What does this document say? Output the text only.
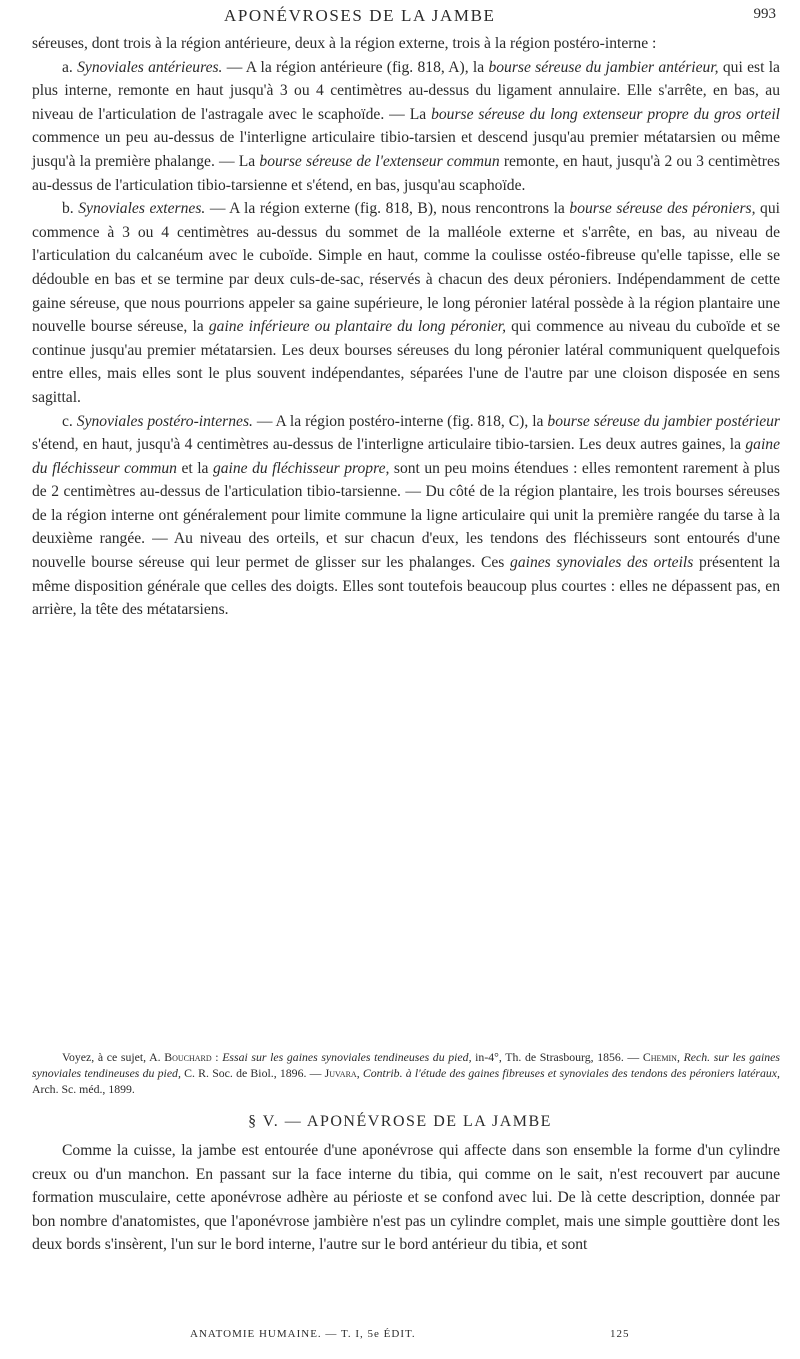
APONÉVROSES DE LA JAMBE	993

séreuses, dont trois à la région antérieure, deux à la région externe, trois à la région postéro-interne :

a. Synoviales antérieures. — A la région antérieure (fig. 818, A), la bourse séreuse du jambier antérieur, qui est la plus interne, remonte en haut jusqu'à 3 ou 4 centimètres au-dessus du ligament annulaire. Elle s'arrête, en bas, au niveau de l'articulation de l'astragale avec le scaphoïde. — La bourse séreuse du long extenseur propre du gros orteil commence un peu au-dessus de l'interligne articulaire tibio-tarsien et descend jusqu'au premier métatarsien ou même jusqu'à la première phalange. — La bourse séreuse de l'extenseur commun remonte, en haut, jusqu'à 2 ou 3 centimètres au-dessus de l'articulation tibio-tarsienne et s'étend, en bas, jusqu'au scaphoïde.

b. Synoviales externes. — A la région externe (fig. 818, B), nous rencontrons la bourse séreuse des péroniers, qui commence à 3 ou 4 centimètres au-dessus du sommet de la malléole externe et s'arrête, en bas, au niveau de l'articulation du calcanéum avec le cuboïde. Simple en haut, comme la coulisse ostéo-fibreuse qu'elle tapisse, elle se dédouble en bas et se termine par deux culs-de-sac, réservés à chacun des deux péroniers. Indépendamment de cette gaine séreuse, que nous pourrions appeler sa gaine supérieure, le long péronier latéral possède à la région plantaire une nouvelle bourse séreuse, la gaine inférieure ou plantaire du long péronier, qui commence au niveau du cuboïde et se continue jusqu'au premier métatarsien. Les deux bourses séreuses du long péronier latéral communiquent quelquefois entre elles, mais elles sont le plus souvent indépendantes, séparées l'une de l'autre par une cloison disposée en sens sagittal.

c. Synoviales postéro-internes. — A la région postéro-interne (fig. 818, C), la bourse séreuse du jambier postérieur s'étend, en haut, jusqu'à 4 centimètres au-dessus de l'interligne articulaire tibio-tarsien. Les deux autres gaines, la gaine du fléchisseur commun et la gaine du fléchisseur propre, sont un peu moins étendues : elles remontent rarement à plus de 2 centimètres au-dessus de l'articulation tibio-tarsienne. — Du côté de la région plantaire, les trois bourses séreuses de la région interne ont généralement pour limite commune la ligne articulaire qui unit la première rangée du tarse à la deuxième rangée. — Au niveau des orteils, et sur chacun d'eux, les tendons des fléchisseurs sont entourés d'une nouvelle bourse séreuse qui leur permet de glisser sur les phalanges. Ces gaines synoviales des orteils présentent la même disposition générale que celles des doigts. Elles sont toutefois beaucoup plus courtes : elles ne dépassent pas, en arrière, la tête des métatarsiens.

Voyez, à ce sujet, A. Bouchard : Essai sur les gaines synoviales tendineuses du pied, in-4°, Th. de Strasbourg, 1856. — Chemin, Rech. sur les gaines synoviales tendineuses du pied, C. R. Soc. de Biol., 1896. — Juvara, Contrib. à l'étude des gaines fibreuses et synoviales des tendons des péroniers latéraux, Arch. Sc. méd., 1899.

§ V. — APONÉVROSE DE LA JAMBE

Comme la cuisse, la jambe est entourée d'une aponévrose qui affecte dans son ensemble la forme d'un cylindre creux ou d'un manchon. En passant sur la face interne du tibia, qui comme on le sait, n'est recouvert par aucune formation musculaire, cette aponévrose adhère au périoste et se confond avec lui. De là cette description, donnée par bon nombre d'anatomistes, que l'aponévrose jambière n'est pas un cylindre complet, mais une simple gouttière dont les deux bords s'insèrent, l'un sur le bord interne, l'autre sur le bord antérieur du tibia, et sont

ANATOMIE HUMAINE. — T. I, 5e ÉDIT.	125
